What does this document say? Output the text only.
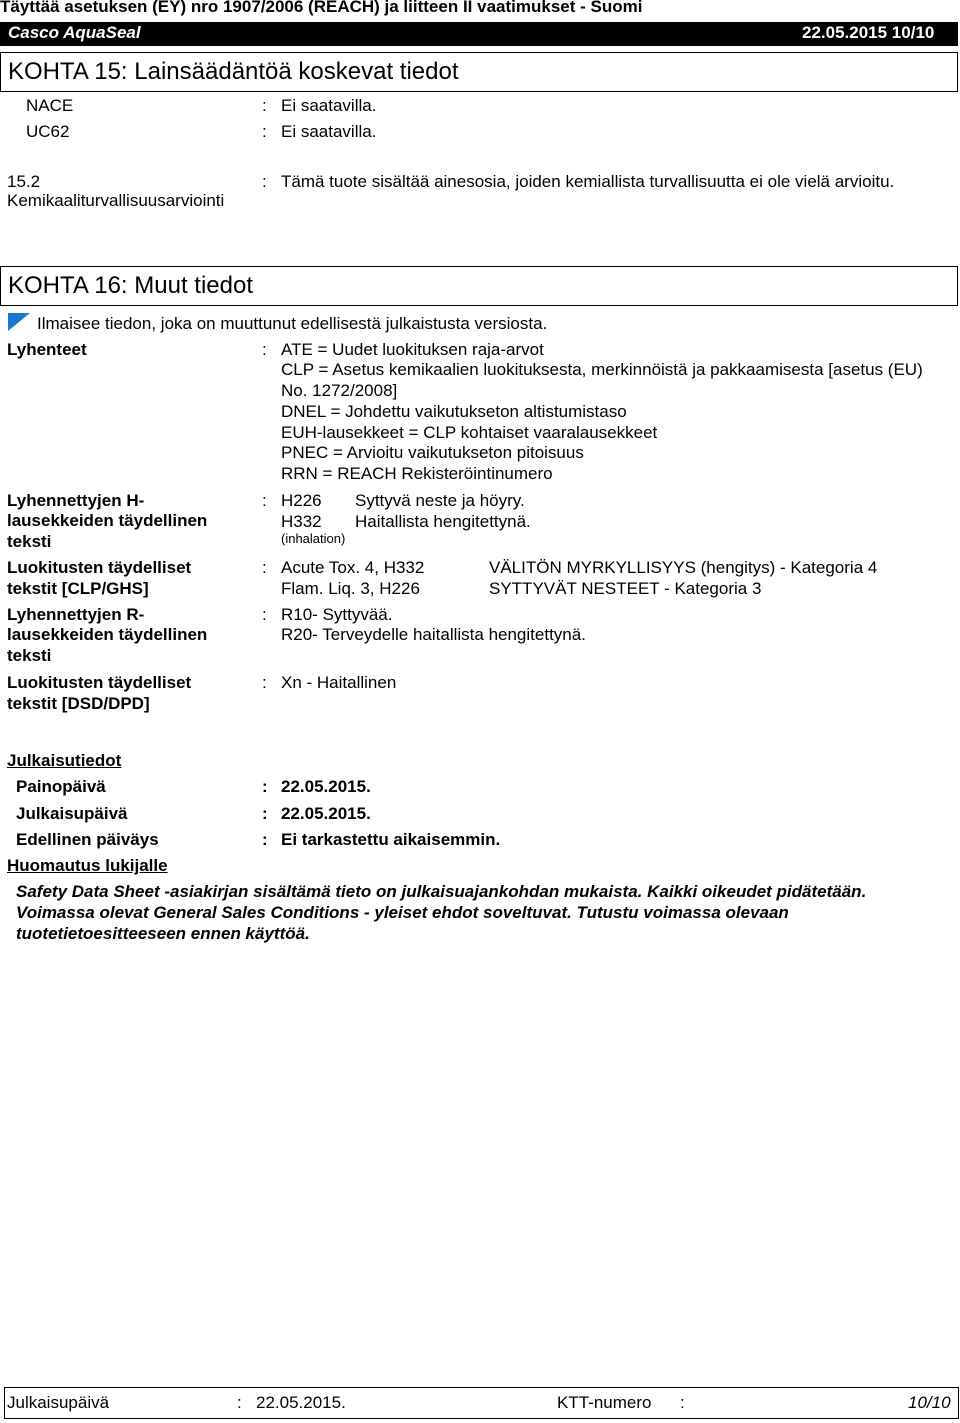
Täyttää asetuksen (EY) nro 1907/2006 (REACH) ja liitteen II vaatimukset - Suomi
Casco AquaSeal	22.05.2015 10/10
KOHTA 15: Lainsäädäntöä koskevat tiedot
NACE	: Ei saatavilla.
UC62	: Ei saatavilla.
15.2
Kemikaaliturvallisuusarviointi
: Tämä tuote sisältää ainesosia, joiden kemiallista turvallisuutta ei ole vielä arvioitu.
KOHTA 16: Muut tiedot
Ilmaisee tiedon, joka on muuttunut edellisestä julkaistusta versiosta.
Lyhenteet	: ATE = Uudet luokituksen raja-arvot
CLP = Asetus kemikaalien luokituksesta, merkinnöistä ja pakkaamisesta [asetus (EU)
No. 1272/2008]
DNEL = Johdettu vaikutukseton altistumistaso
EUH-lausekkeet = CLP kohtaiset vaaralausekkeet
PNEC = Arvioitu vaikutukseton pitoisuus
RRN = REACH Rekisteröintinumero
Lyhennettyjen H-
lausekkeiden täydellinen
teksti
: H226 Syttyvä neste ja höyry.
H332 Haitallista hengitettynä.
(inhalation)
Luokitusten täydelliset
tekstit [CLP/GHS]
: Acute Tox. 4, H332	VÄLITÖN MYRKYLLISYYS (hengitys) - Kategoria 4
Flam. Liq. 3, H226	SYTTYVÄT NESTEET - Kategoria 3
Lyhennettyjen R-
lausekkeiden täydellinen
teksti
: R10- Syttyvää.
R20- Terveydelle haitallista hengitettynä.
Luokitusten täydelliset
tekstit [DSD/DPD]
: Xn - Haitallinen
Julkaisutiedot
Painopäivä	: 22.05.2015.
Julkaisupäivä	: 22.05.2015.
Edellinen päiväys	: Ei tarkastettu aikaisemmin.
Huomautus lukijalle
Safety Data Sheet -asiakirjan sisältämä tieto on julkaisuajankohdan mukaista. Kaikki oikeudet pidätetään.
Voimassa olevat General Sales Conditions - yleiset ehdot soveltuvat. Tutustu voimassa olevaan
tuotetietoesitteeseen ennen käyttöä.
Julkaisupäivä	: 22.05.2015.	KTT-numero :	10/10
